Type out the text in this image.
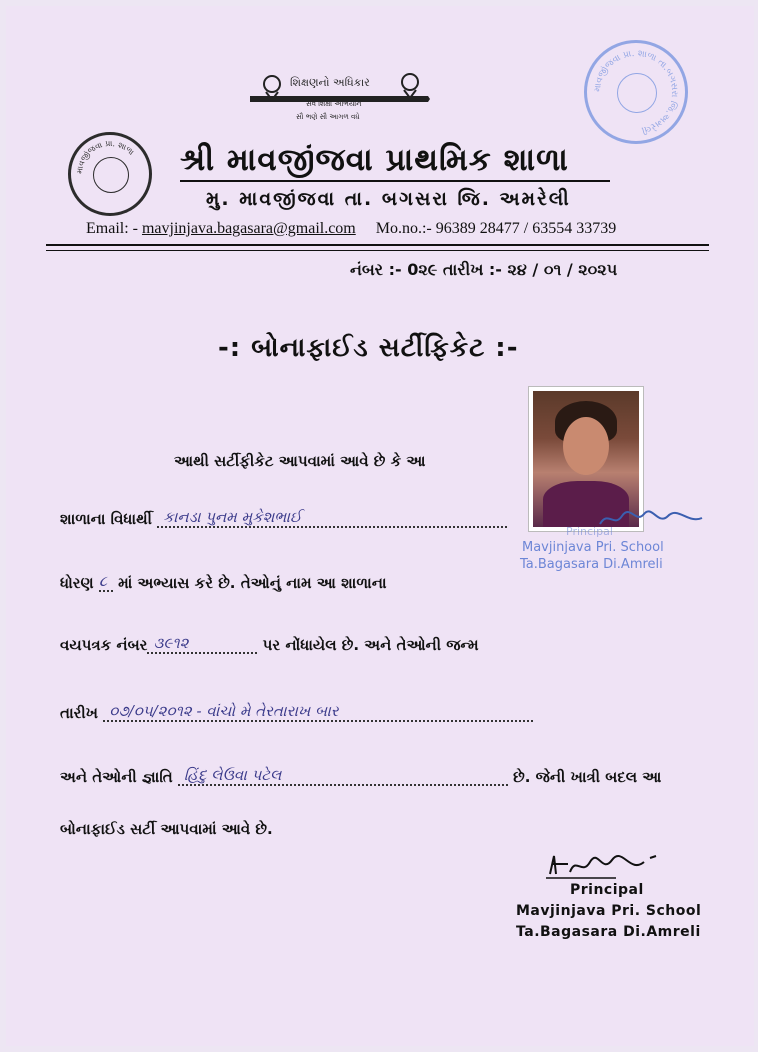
શિક્ષણનો અધિકાર
સર્વ શિક્ષા અભિયાન
સૌ ભણે સૌ આગળ વધે
માવજીંજવા પ્રા. શાળા
માવજીંજવા પ્રા. શાળા તા.બગસરા જિ.અમરેલી
શ્રી માવજીંજવા પ્રાથમિક શાળા
મુ. માવજીંજવા તા. બગસરા જિ. અમરેલી
Email: - mavjinjava.bagasara@gmail.com Mo.no.:- 96389 28477 / 63554 33739
નંબર :- 0૨૯ તારીખ :- ૨૪ / ૦૧ / ૨૦૨૫
-: બોનાફાઈડ સર્ટીફિકેટ :-
Principal
Mavjinjava Pri. School
Ta.Bagasara Di.Amreli
આથી સર્ટીફીકેટ આપવામાં આવે છે કે આ
શાળાના વિધાર્થી કાનડા પુનમ મુકેશભાઈ
ધોરણ ૮ માં અભ્યાસ કરે છે. તેઓનું નામ આ શાળાના
વયપત્રક નંબર ૩૯૧૨	પર નોંધાયેલ છે. અને તેઓની જન્મ
તારીખ ૦૭/૦૫/૨૦૧૨ - વાંચો મે તેરતારાખ બાર
અને તેઓની જ્ઞાતિ હિંદુ લેઉવા પટેલ	છે. જેની ખાત્રી બદલ આ
બોનાફાઈડ સર્ટી આપવામાં આવે છે.
Principal
Mavjinjava Pri. School
Ta.Bagasara Di.Amreli
